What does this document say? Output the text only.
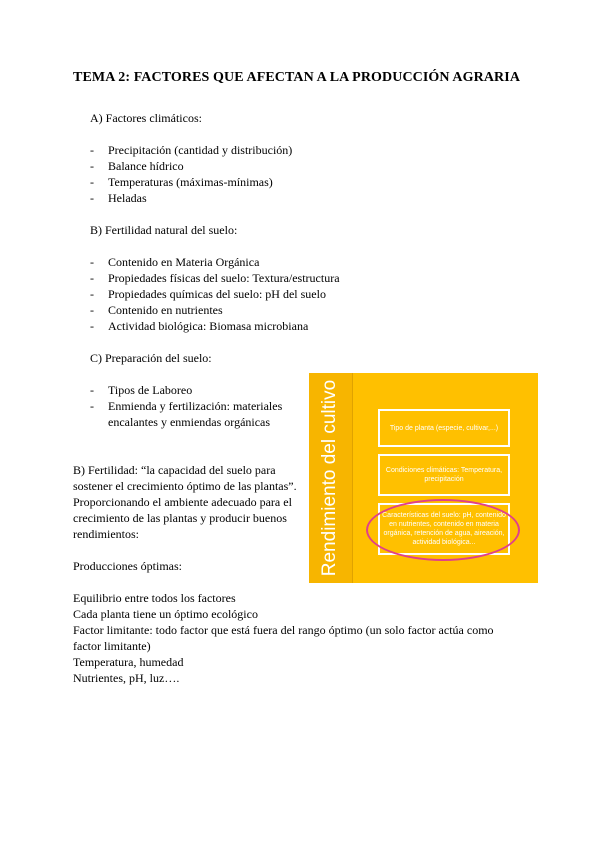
TEMA 2: FACTORES QUE AFECTAN A LA PRODUCCIÓN AGRARIA
A) Factores climáticos:
- Precipitación (cantidad y distribución)
- Balance hídrico
- Temperaturas (máximas-mínimas)
- Heladas
B) Fertilidad natural del suelo:
- Contenido en Materia Orgánica
- Propiedades físicas del suelo: Textura/estructura
- Propiedades químicas del suelo: pH del suelo
- Contenido en nutrientes
- Actividad biológica: Biomasa microbiana
C) Preparación del suelo:
- Tipos de Laboreo
- Enmienda y fertilización: materiales
encalantes y enmiendas orgánicas
B) Fertilidad: “la capacidad del suelo para
sostener el crecimiento óptimo de las plantas”.
Proporcionando el ambiente adecuado para el
crecimiento de las plantas y producir buenos
rendimientos:
Producciones óptimas:
Equilibrio entre todos los factores
Cada planta tiene un óptimo ecológico
Factor limitante: todo factor que está fuera del rango óptimo (un solo factor actúa como
factor limitante)
Temperatura, humedad
Nutrientes, pH, luz….
Rendimiento del cultivo	Tipo de planta (especie, cultivar,...)
Condiciones climáticas: Temperatura, precipitación
Características del suelo: pH, contenido en nutrientes, contenido en materia orgánica, retención de agua, aireación, actividad biológica...
